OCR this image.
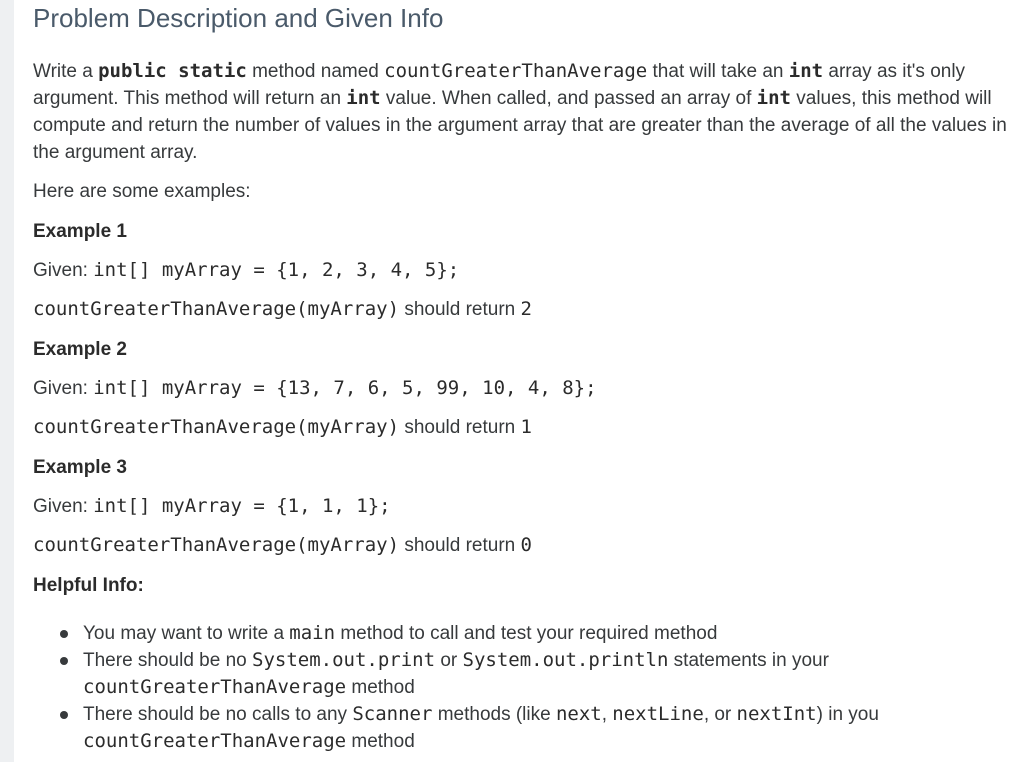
Problem Description and Given Info

Write a public static method named countGreaterThanAverage that will take an int array as it's only argument. This method will return an int value. When called, and passed an array of int values, this method will compute and return the number of values in the argument array that are greater than the average of all the values in the argument array.

Here are some examples:

Example 1

Given: int[] myArray = {1, 2, 3, 4, 5};

countGreaterThanAverage(myArray) should return 2

Example 2

Given: int[] myArray = {13, 7, 6, 5, 99, 10, 4, 8};

countGreaterThanAverage(myArray) should return 1

Example 3

Given: int[] myArray = {1, 1, 1};

countGreaterThanAverage(myArray) should return 0

Helpful Info:

You may want to write a main method to call and test your required method
There should be no System.out.print or System.out.println statements in your
countGreaterThanAverage method
There should be no calls to any Scanner methods (like next, nextLine, or nextInt) in you
countGreaterThanAverage method
